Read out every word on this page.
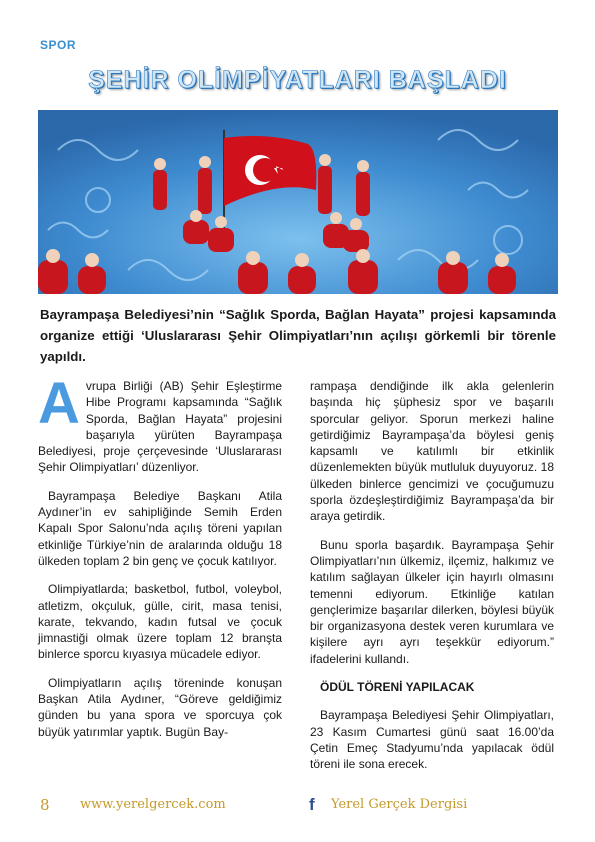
SPOR
ŞEHİR OLİMPİYATLARI BAŞLADI
Bayrampaşa Belediyesi’nin “Sağlık Sporda, Bağlan Hayata” projesi kapsamında organize ettiği ‘Uluslararası Şehir Olimpiyatları’nın açılışı görkemli bir törenle yapıldı.

Avrupa Birliği (AB) Şehir Eşleştirme Hibe Programı kapsamında “Sağlık Sporda, Bağlan Hayata” projesini başarıyla yürüten Bayrampaşa Belediyesi, proje çerçevesinde ‘Uluslararası Şehir Olimpiyatları’ düzenliyor.

Bayrampaşa Belediye Başkanı Atila Aydıner’in ev sahipliğinde Semih Erden Kapalı Spor Salonu’nda açılış töreni yapılan etkinliğe Türkiye’nin de aralarında olduğu 18 ülkeden toplam 2 bin genç ve çocuk katılıyor.

Olimpiyatlarda; basketbol, futbol, voleybol, atletizm, okçuluk, gülle, cirit, masa tenisi, karate, tekvando, kadın futsal ve çocuk jimnastiği olmak üzere toplam 12 branşta binlerce sporcu kıyasıya mücadele ediyor.

Olimpiyatların açılış töreninde konuşan Başkan Atila Aydıner, “Göreve geldiğimiz günden bu yana spora ve sporcuya çok büyük yatırımlar yaptık. Bugün Bay-

rampaşa dendiğinde ilk akla gelenlerin başında hiç şüphesiz spor ve başarılı sporcular geliyor. Sporun merkezi haline getirdiğimiz Bayrampaşa’da böylesi geniş kapsamlı ve katılımlı bir etkinlik düzenlemekten büyük mutluluk duyuyoruz. 18 ülkeden binlerce gencimizi ve çocuğumuzu sporla özdeşleştirdiğimiz Bayrampaşa’da bir araya getirdik.

Bunu sporla başardık. Bayrampaşa Şehir Olimpiyatları’nın ülkemiz, ilçemiz, halkımız ve katılım sağlayan ülkeler için hayırlı olmasını temenni ediyorum. Etkinliğe katılan gençlerimize başarılar dilerken, böylesi büyük bir organizasyona destek veren kurumlara ve kişilere ayrı ayrı teşekkür ediyorum.” ifadelerini kullandı.

ÖDÜL TÖRENİ YAPILACAK

Bayrampaşa Belediyesi Şehir Olimpiyatları, 23 Kasım Cumartesi günü saat 16.00’da Çetin Emeç Stadyumu’nda yapılacak ödül töreni ile sona erecek.

8 www.yerelgercek.com	f Yerel Gerçek Dergisi
